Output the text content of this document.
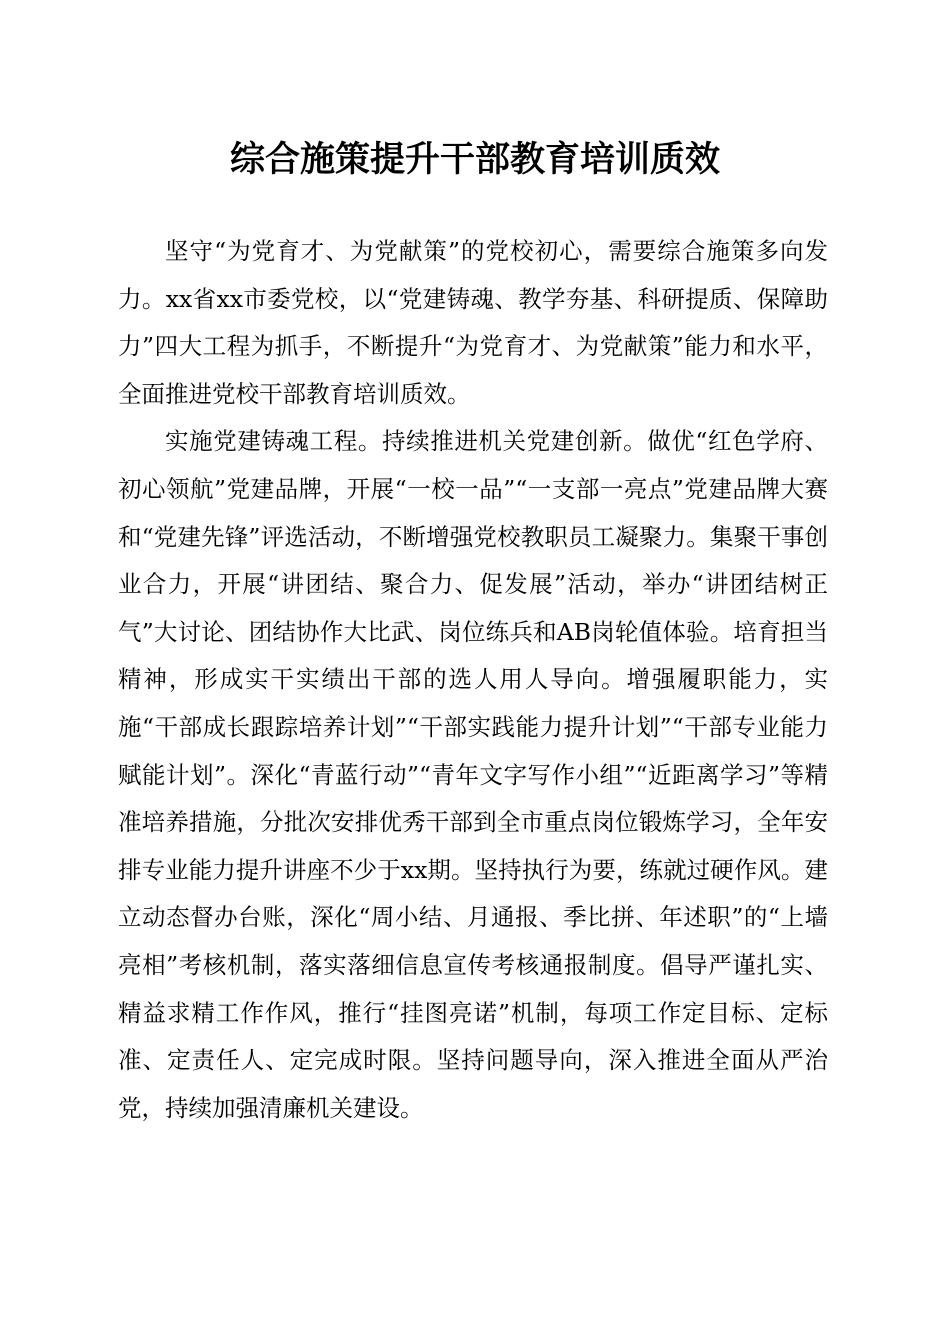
综合施策提升干部教育培训质效

坚守“为党育才、为党献策”的党校初心，需要综合施策多向发力。xx省xx市委党校，以“党建铸魂、教学夯基、科研提质、保障助力”四大工程为抓手，不断提升“为党育才、为党献策”能力和水平，全面推进党校干部教育培训质效。

实施党建铸魂工程。持续推进机关党建创新。做优“红色学府、初心领航”党建品牌，开展“一校一品”“一支部一亮点”党建品牌大赛和“党建先锋”评选活动，不断增强党校教职员工凝聚力。集聚干事创业合力，开展“讲团结、聚合力、促发展”活动，举办“讲团结树正气”大讨论、团结协作大比武、岗位练兵和AB岗轮值体验。培育担当精神，形成实干实绩出干部的选人用人导向。增强履职能力，实施“干部成长跟踪培养计划”“干部实践能力提升计划”“干部专业能力赋能计划”。深化“青蓝行动”“青年文字写作小组”“近距离学习”等精准培养措施，分批次安排优秀干部到全市重点岗位锻炼学习，全年安排专业能力提升讲座不少于xx期。坚持执行为要，练就过硬作风。建立动态督办台账，深化“周小结、月通报、季比拼、年述职”的“上墙亮相”考核机制，落实落细信息宣传考核通报制度。倡导严谨扎实、精益求精工作作风，推行“挂图亮诺”机制，每项工作定目标、定标准、定责任人、定完成时限。坚持问题导向，深入推进全面从严治党，持续加强清廉机关建设。
